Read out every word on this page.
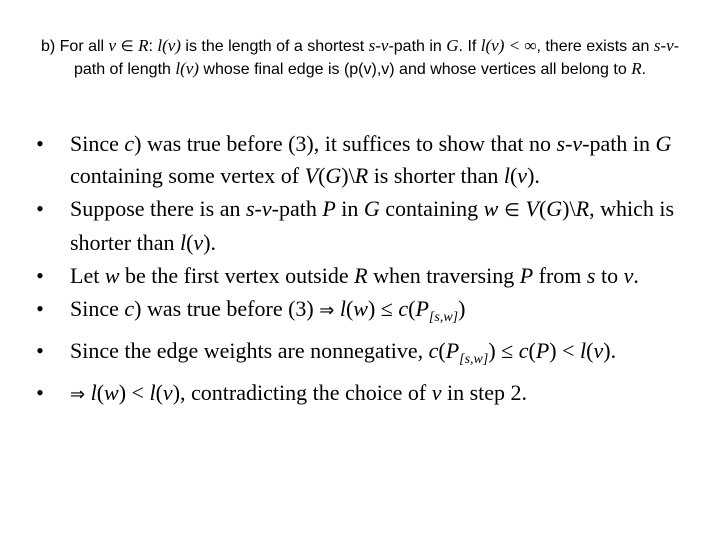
b) For all v ∈ R: l(v) is the length of a shortest s-v-path in G. If l(v) < ∞, there exists an s-v-path of length l(v) whose final edge is (p(v),v) and whose vertices all belong to R.
• Since c) was true before (3), it suffices to show that no s-v-path in G containing some vertex of V(G)\R is shorter than l(v).
• Suppose there is an s-v-path P in G containing w ∈ V(G)\R, which is shorter than l(v).
• Let w be the first vertex outside R when traversing P from s to v.
• Since c) was true before (3) ⇒ $l(w) \le c(P_{[s,w]})$
• Since the edge weights are nonnegative, $c(P_{[s,w]}) \le c(P) < l(v)$.
•	⇒ l(w) < l(v), contradicting the choice of v in step 2.
